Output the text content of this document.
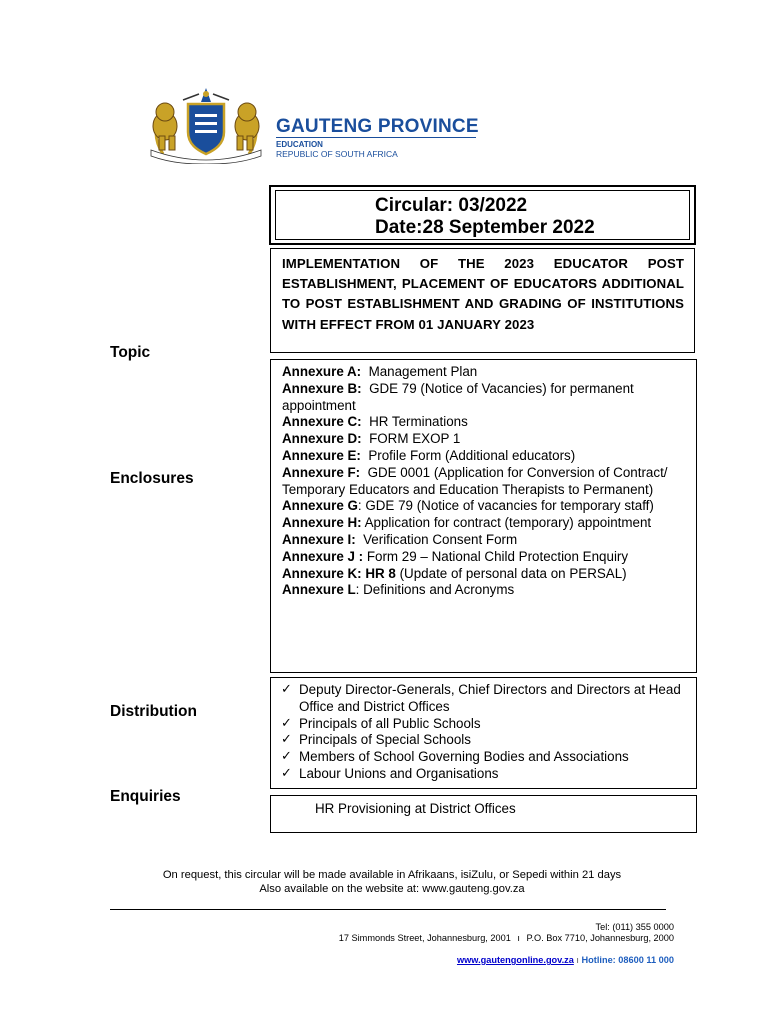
GAUTENG PROVINCE
EDUCATION
REPUBLIC OF SOUTH AFRICA
Circular: 03/2022
Date:28 September 2022
Topic
IMPLEMENTATION OF THE 2023 EDUCATOR POST ESTABLISHMENT, PLACEMENT OF EDUCATORS ADDITIONAL TO POST ESTABLISHMENT AND GRADING OF INSTITUTIONS WITH EFFECT FROM 01 JANUARY 2023
Enclosures
Annexure A:  Management Plan
Annexure B:  GDE 79 (Notice of Vacancies) for permanent appointment
Annexure C:  HR Terminations
Annexure D:  FORM EXOP 1
Annexure E:  Profile Form (Additional educators)
Annexure F:  GDE 0001 (Application for Conversion of Contract/ Temporary Educators and Education Therapists to Permanent)
Annexure G: GDE 79 (Notice of vacancies for temporary staff)
Annexure H: Application for contract (temporary) appointment
Annexure I:  Verification Consent Form
Annexure J : Form 29 – National Child Protection Enquiry
Annexure K: HR 8 (Update of personal data on PERSAL)
Annexure L: Definitions and Acronyms
Distribution
✓ Deputy Director-Generals, Chief Directors and Directors at Head Office and District Offices
✓ Principals of all Public Schools
✓ Principals of Special Schools
✓ Members of School Governing Bodies and Associations
✓ Labour Unions and Organisations
Enquiries
HR Provisioning at District Offices
On request, this circular will be made available in Afrikaans, isiZulu, or Sepedi within 21 days
Also available on the website at: www.gauteng.gov.za
Tel: (011) 355 0000
17 Simmonds Street, Johannesburg, 2001 ı P.O. Box 7710, Johannesburg, 2000
www.gautengonline.gov.za ı Hotline: 08600 11 000
